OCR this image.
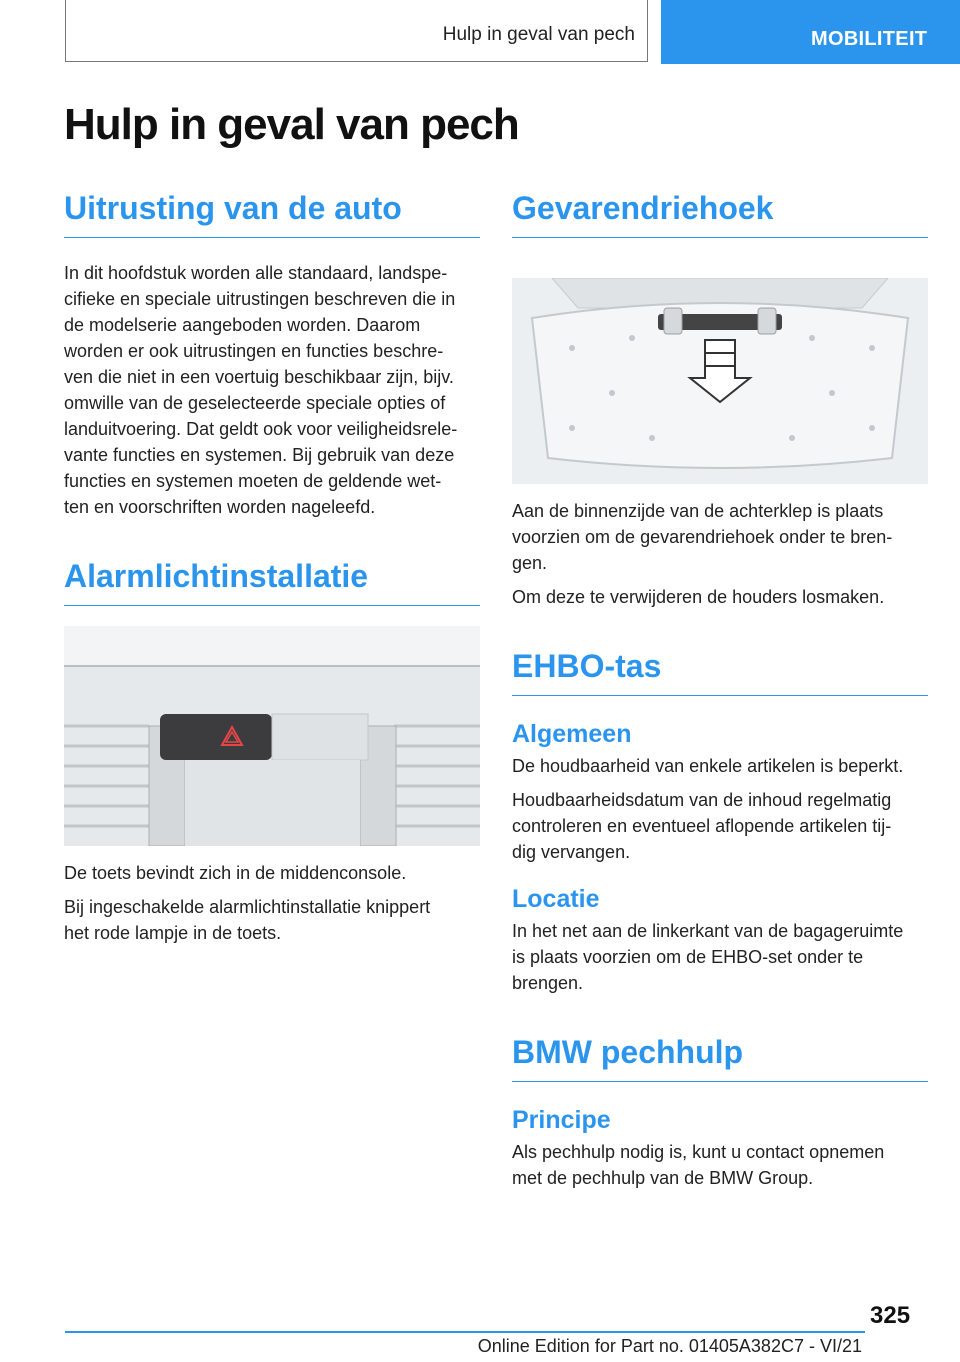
Hulp in geval van pech	MOBILITEIT
Hulp in geval van pech
Uitrusting van de auto

In dit hoofdstuk worden alle standaard, landspe-
cifieke en speciale uitrustingen beschreven die in
de modelserie aangeboden worden. Daarom
worden er ook uitrustingen en functies beschre-
ven die niet in een voertuig beschikbaar zijn, bijv.
omwille van de geselecteerde speciale opties of
landuitvoering. Dat geldt ook voor veiligheidsrele-
vante functies en systemen. Bij gebruik van deze
functies en systemen moeten de geldende wet-
ten en voorschriften worden nageleefd.

Alarmlichtinstallatie

De toets bevindt zich in de middenconsole.

Bij ingeschakelde alarmlichtinstallatie knippert
het rode lampje in de toets.

Gevarendriehoek

Aan de binnenzijde van de achterklep is plaats
voorzien om de gevarendriehoek onder te bren-
gen.

Om deze te verwijderen de houders losmaken.

EHBO-tas
Algemeen

De houdbaarheid van enkele artikelen is beperkt.

Houdbaarheidsdatum van de inhoud regelmatig
controleren en eventueel aflopende artikelen tij-
dig vervangen.

Locatie

In het net aan de linkerkant van de bagageruimte
is plaats voorzien om de EHBO-set onder te
brengen.

BMW pechhulp
Principe

Als pechhulp nodig is, kunt u contact opnemen
met de pechhulp van de BMW Group.

325
Online Edition for Part no. 01405A382C7 - VI/21
